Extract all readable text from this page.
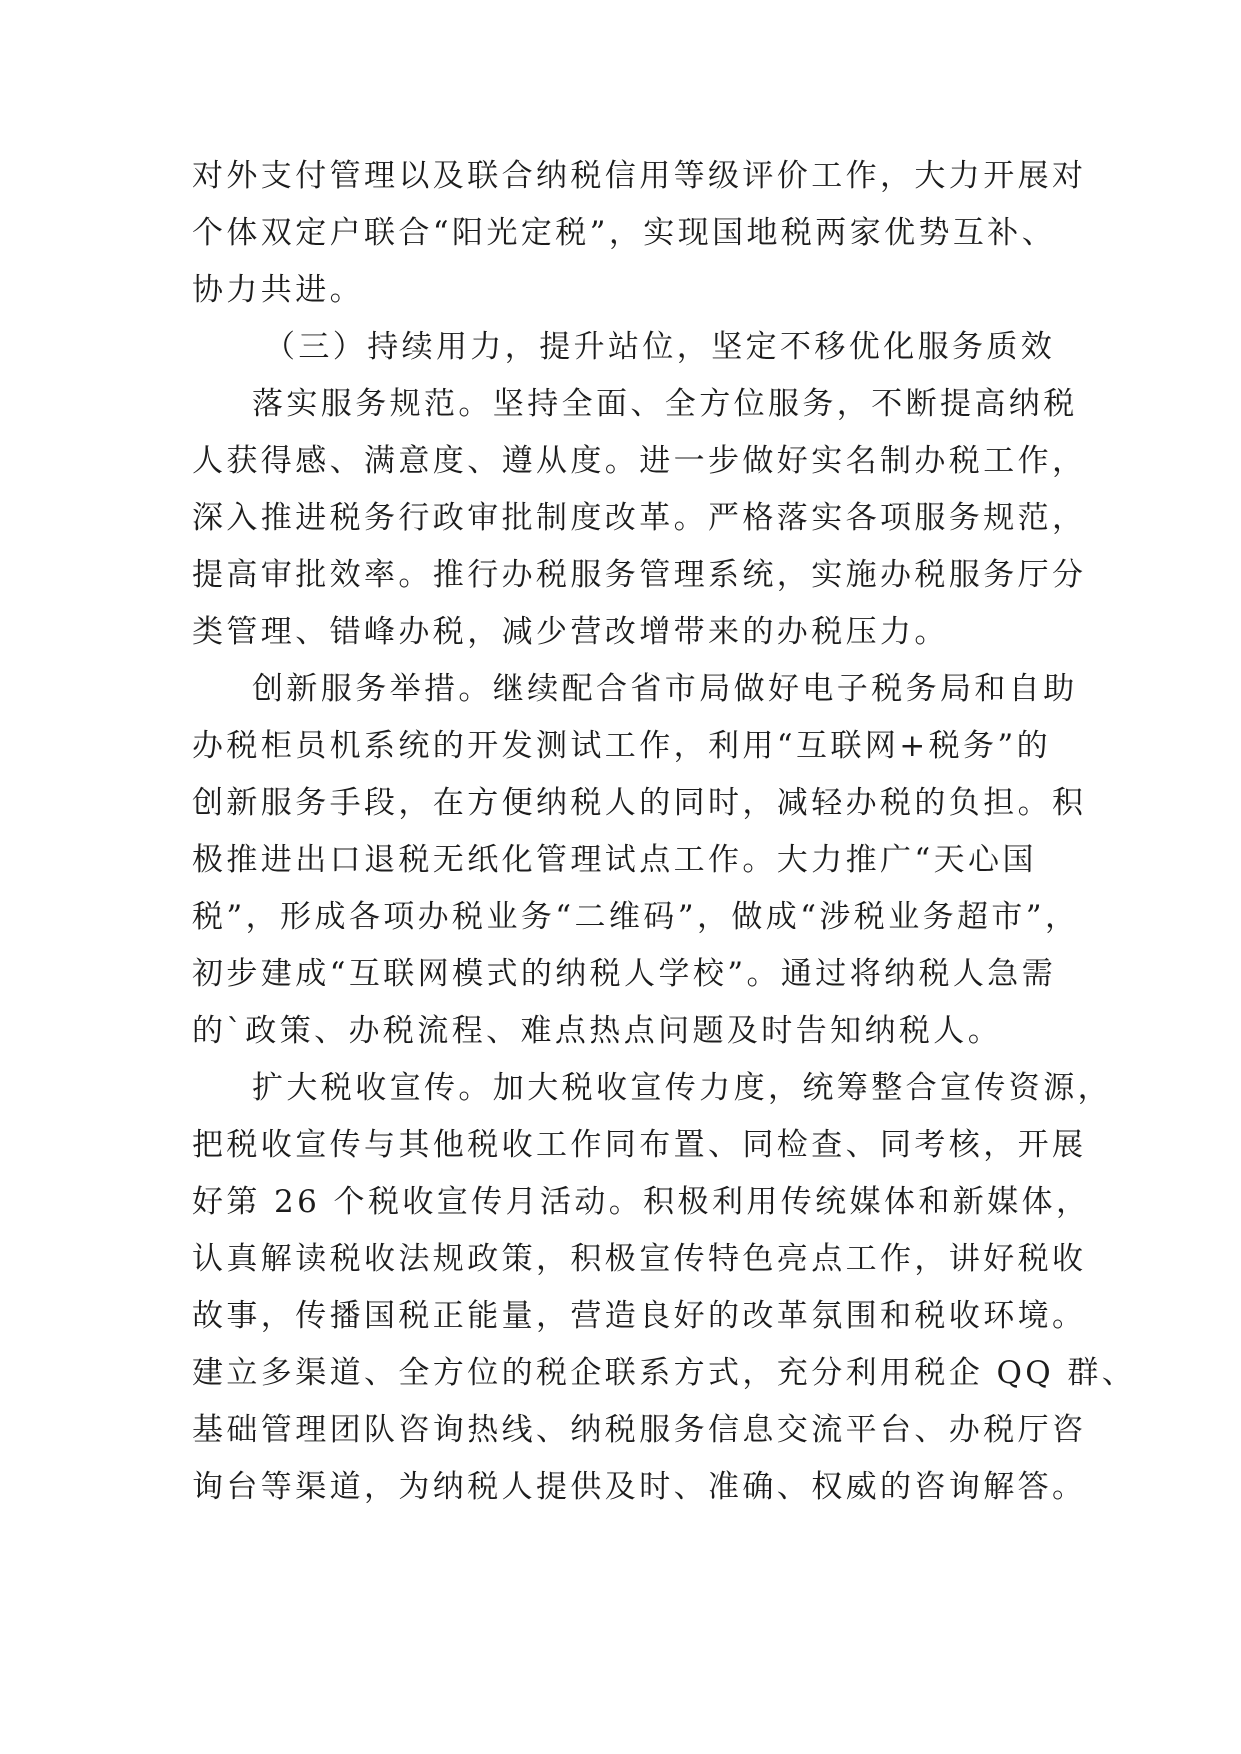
对外支付管理以及联合纳税信用等级评价工作，大力开展对
个体双定户联合“阳光定税”，实现国地税两家优势互补、
协力共进。
（三）持续用力，提升站位，坚定不移优化服务质效
落实服务规范。坚持全面、全方位服务，不断提高纳税
人获得感、满意度、遵从度。进一步做好实名制办税工作，
深入推进税务行政审批制度改革。严格落实各项服务规范，
提高审批效率。推行办税服务管理系统，实施办税服务厅分
类管理、错峰办税，减少营改增带来的办税压力。
创新服务举措。继续配合省市局做好电子税务局和自助
办税柜员机系统的开发测试工作，利用“互联网+税务”的
创新服务手段，在方便纳税人的同时，减轻办税的负担。积
极推进出口退税无纸化管理试点工作。大力推广“天心国
税”，形成各项办税业务“二维码”，做成“涉税业务超市”，
初步建成“互联网模式的纳税人学校”。通过将纳税人急需
的`政策、办税流程、难点热点问题及时告知纳税人。
扩大税收宣传。加大税收宣传力度，统筹整合宣传资源，
把税收宣传与其他税收工作同布置、同检查、同考核，开展
好第 26 个税收宣传月活动。积极利用传统媒体和新媒体，
认真解读税收法规政策，积极宣传特色亮点工作，讲好税收
故事，传播国税正能量，营造良好的改革氛围和税收环境。
建立多渠道、全方位的税企联系方式，充分利用税企 QQ 群、
基础管理团队咨询热线、纳税服务信息交流平台、办税厅咨
询台等渠道，为纳税人提供及时、准确、权威的咨询解答。
